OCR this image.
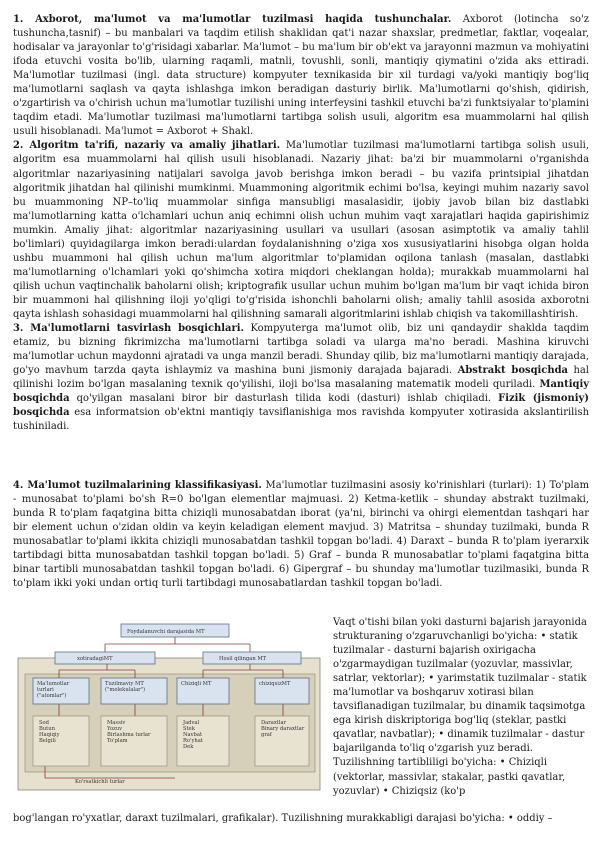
1. Axborot, ma'lumot va ma'lumotlar tuzilmasi haqida tushunchalar. Axborot (lotincha so'z tushuncha,tasnif) – bu manbalari va taqdim etilish shaklidan qat'i nazar shaxslar, predmetlar, faktlar, voqealar, hodisalar va jarayonlar to'g'risidagi xabarlar. Ma'lumot – bu ma'lum bir ob'ekt va jarayonni mazmun va mohiyatini ifoda etuvchi vosita bo'lib, ularning raqamli, matnli, tovushli, sonli, mantiqiy qiymatini o'zida aks ettiradi. Ma'lumotlar tuzilmasi (ingl. data structure) kompyuter texnikasida bir xil turdagi va/yoki mantiqiy bog'liq ma'lumotlarni saqlash va qayta ishlashga imkon beradigan dasturiy birlik. Ma'lumotlarni qo'shish, qidirish, o'zgartirish va o'chirish uchun ma'lumotlar tuzilishi uning interfeysini tashkil etuvchi ba'zi funktsiyalar to'plamini taqdim etadi. Ma'lumotlar tuzilmasi ma'lumotlarni tartibga solish usuli, algoritm esa muammolarni hal qilish usuli hisoblanadi. Ma'lumot = Axborot + Shakl.
2. Algoritm ta'rifi, nazariy va amaliy jihatlari. Ma'lumotlar tuzilmasi ma'lumotlarni tartibga solish usuli, algoritm esa muammolarni hal qilish usuli hisoblanadi. Nazariy jihat: ba'zi bir muammolarni o'rganishda algoritmlar nazariyasining natijalari savolga javob berishga imkon beradi – bu vazifa printsipial jihatdan algoritmik jihatdan hal qilinishi mumkinmi. Muammoning algoritmik echimi bo'lsa, keyingi muhim nazariy savol bu muammoning NP–to'liq muammolar sinfiga mansubligi masalasidir, ijobiy javob bilan biz dastlabki ma'lumotlarning katta o'lchamlari uchun aniq echimni olish uchun muhim vaqt xarajatlari haqida gapirishimiz mumkin. Amaliy jihat: algoritmlar nazariyasining usullari va usullari (asosan asimptotik va amaliy tahlil bo'limlari) quyidagilarga imkon beradi:ulardan foydalanishning o'ziga xos xususiyatlarini hisobga olgan holda ushbu muammoni hal qilish uchun ma'lum algoritmlar to'plamidan oqilona tanlash (masalan, dastlabki ma'lumotlarning o'lchamlari yoki qo'shimcha xotira miqdori cheklangan holda); murakkab muammolarni hal qilish uchun vaqtinchalik baholarni olish; kriptografik usullar uchun muhim bo'lgan ma'lum bir vaqt ichida biron bir muammoni hal qilishning iloji yo'qligi to'g'risida ishonchli baholarni olish; amaliy tahlil asosida axborotni qayta ishlash sohasidagi muammolarni hal qilishning samarali algoritmlarini ishlab chiqish va takomillashtirish.
3. Ma'lumotlarni tasvirlash bosqichlari. Kompyuterga ma'lumot olib, biz uni qandaydir shaklda taqdim etamiz, bu bizning fikrimizcha ma'lumotlarni tartibga soladi va ularga ma'no beradi. Mashina kiruvchi ma'lumotlar uchun maydonni ajratadi va unga manzil beradi. Shunday qilib, biz ma'lumotlarni mantiqiy darajada, go'yo mavhum tarzda qayta ishlaymiz va mashina buni jismoniy darajada bajaradi. Abstrakt bosqichda hal qilinishi lozim bo'lgan masalaning texnik qo'yilishi, iloji bo'lsa masalaning matematik modeli quriladi. Mantiqiy bosqichda qo'yilgan masalani biror bir dasturlash tilida kodi (dasturi) ishlab chiqiladi. Fizik (jismoniy) bosqichda esa informatsion ob'ektni mantiqiy tavsiflanishiga mos ravishda kompyuter xotirasida akslantirilish tushiniladi.

4. Ma'lumot tuzilmalarining klassifikasiyasi. Ma'lumotlar tuzilmasini asosiy ko'rinishlari (turlari): 1) To'plam - munosabat to'plami bo'sh R=0 bo'lgan elementlar majmuasi. 2) Ketma-ketlik – shunday abstrakt tuzilmaki, bunda R to'plam faqatgina bitta chiziqli munosabatdan iborat (ya'ni, birinchi va ohirgi elementdan tashqari har bir element uchun o'zidan oldin va keyin keladigan element mavjud. 3) Matritsa – shunday tuzilmaki, bunda R munosabatlar to'plami ikkita chiziqli munosabatdan tashkil topgan bo'ladi. 4) Daraxt – bunda R to'plam iyerarxik tartibdagi bitta munosabatdan tashkil topgan bo'ladi. 5) Graf – bunda R munosabatlar to'plami faqatgina bitta binar tartibli munosabatdan tashkil topgan bo'ladi. 6) Gipergraf – bu shunday ma'lumotlar tuzilmasiki, bunda R to'plam ikki yoki undan ortiq turli tartibdagi munosabatlardan tashkil topgan bo'ladi.

Foydalanuvchi darajasida MT
xotiradagiMT	Hosil qilingan MT
Ma'lumotlar
turlari
("atomlar")
Tuzilmaviy MT
("molekulalar")
Chiziqli MT	chiziqsizMT
Sod
Butun
Haqiqiy
Belgili
Massiv
Yozuv
Birlashma turlar
To'plam
Jadval
Stek
Navbat
Ro'yhat
Dek
Daraxtlar
Binary daraxtlar
graf
Ko'rsatkichli turlar

Vaqt o'tishi bilan yoki dasturni bajarish jarayonida strukturaning o'zgaruvchanligi bo'yicha: • statik tuzilmalar - dasturni bajarish oxirigacha o'zgarmaydigan tuzilmalar (yozuvlar, massivlar, satrlar, vektorlar); • yarimstatik tuzilmalar - statik ma'lumotlar va boshqaruv xotirasi bilan tavsiflanadigan tuzilmalar, bu dinamik taqsimotga ega kirish diskriptoriga bog'liq (steklar, pastki qavatlar, navbatlar); • dinamik tuzilmalar - dastur bajarilganda to'liq o'zgarish yuz beradi. Tuzilishning tartibliligi bo'yicha: • Chiziqli (vektorlar, massivlar, stakalar, pastki qavatlar, yozuvlar) • Chiziqsiz (ko'p

bog'langan ro'yxatlar, daraxt tuzilmalari, grafikalar). Tuzilishning murakkabligi darajasi bo'yicha: • oddiy –
